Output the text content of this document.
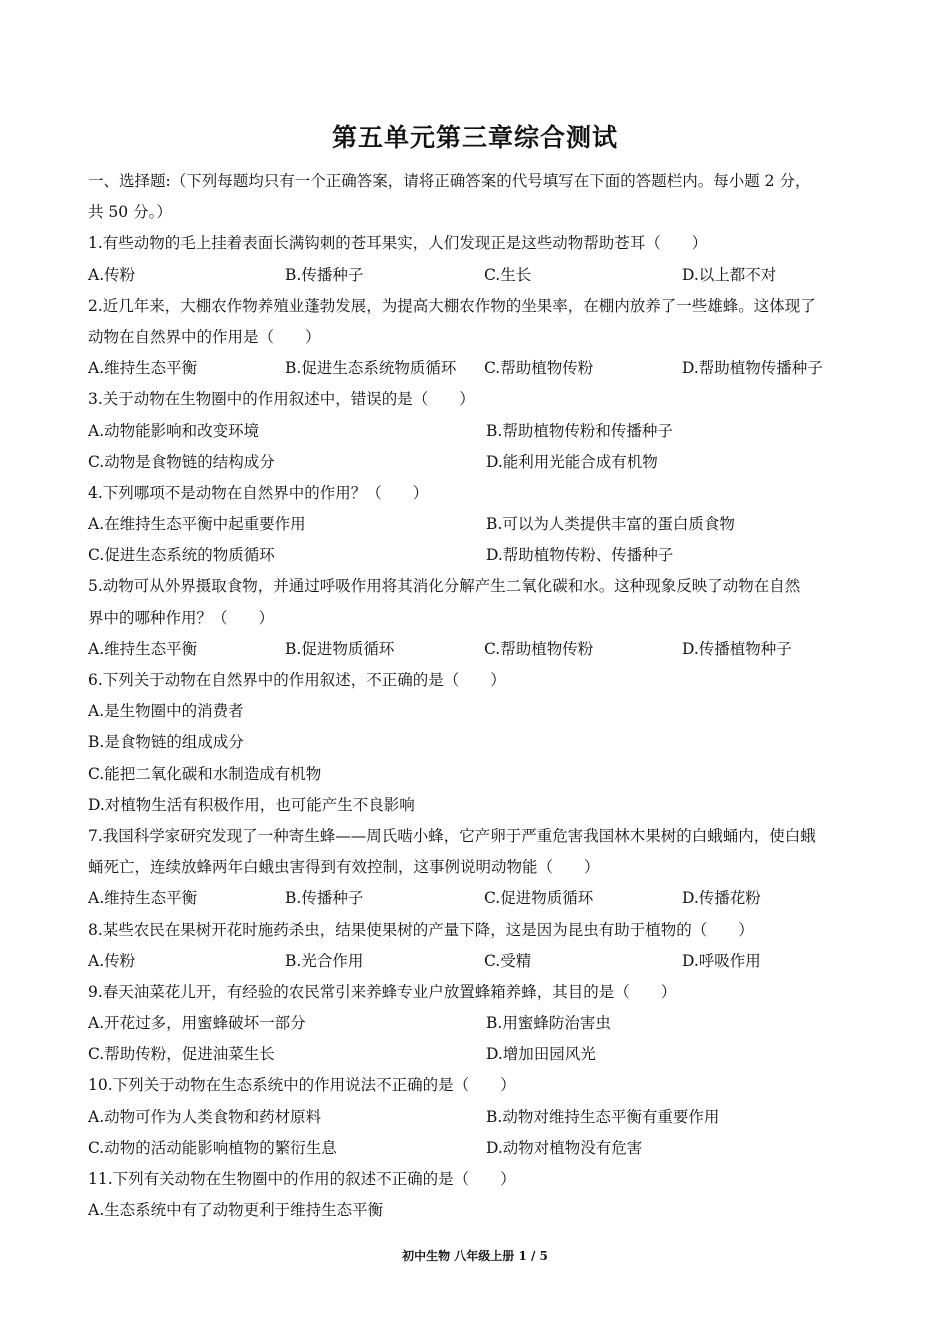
第五单元第三章综合测试
一、选择题:（下列每题均只有一个正确答案，请将正确答案的代号填写在下面的答题栏内。每小题 2 分，
共 50 分。）
1.有些动物的毛上挂着表面长满钩刺的苍耳果实，人们发现正是这些动物帮助苍耳（　　）
A.传粉	B.传播种子	C.生长	D.以上都不对
2.近几年来，大棚农作物养殖业蓬勃发展，为提高大棚农作物的坐果率，在棚内放养了一些雄蜂。这体现了
动物在自然界中的作用是（　　）
A.维持生态平衡	B.促进生态系统物质循环 C.帮助植物传粉	D.帮助植物传播种子
3.关于动物在生物圈中的作用叙述中，错误的是（　　）
A.动物能影响和改变环境	B.帮助植物传粉和传播种子
C.动物是食物链的结构成分	D.能利用光能合成有机物
4.下列哪项不是动物在自然界中的作用？（　　）
A.在维持生态平衡中起重要作用	B.可以为人类提供丰富的蛋白质食物
C.促进生态系统的物质循环	D.帮助植物传粉、传播种子
5.动物可从外界摄取食物，并通过呼吸作用将其消化分解产生二氧化碳和水。这种现象反映了动物在自然
界中的哪种作用？（　　）
A.维持生态平衡	B.促进物质循环	C.帮助植物传粉	D.传播植物种子
6.下列关于动物在自然界中的作用叙述，不正确的是（　　）
A.是生物圈中的消费者
B.是食物链的组成成分
C.能把二氧化碳和水制造成有机物
D.对植物生活有积极作用，也可能产生不良影响
7.我国科学家研究发现了一种寄生蜂——周氏啮小蜂，它产卵于严重危害我国林木果树的白蛾蛹内，使白蛾
蛹死亡，连续放蜂两年白蛾虫害得到有效控制，这事例说明动物能（　　）
A.维持生态平衡	B.传播种子	C.促进物质循环	D.传播花粉
8.某些农民在果树开花时施药杀虫，结果使果树的产量下降，这是因为昆虫有助于植物的（　　）
A.传粉	B.光合作用	C.受精	D.呼吸作用
9.春天油菜花儿开，有经验的农民常引来养蜂专业户放置蜂箱养蜂，其目的是（　　）
A.开花过多，用蜜蜂破坏一部分	B.用蜜蜂防治害虫
C.帮助传粉，促进油菜生长	D.增加田园风光
10.下列关于动物在生态系统中的作用说法不正确的是（　　）
A.动物可作为人类食物和药材原料	B.动物对维持生态平衡有重要作用
C.动物的活动能影响植物的繁衍生息	D.动物对植物没有危害
11.下列有关动物在生物圈中的作用的叙述不正确的是（　　）
A.生态系统中有了动物更利于维持生态平衡
初中生物 八年级上册 1 / 5
